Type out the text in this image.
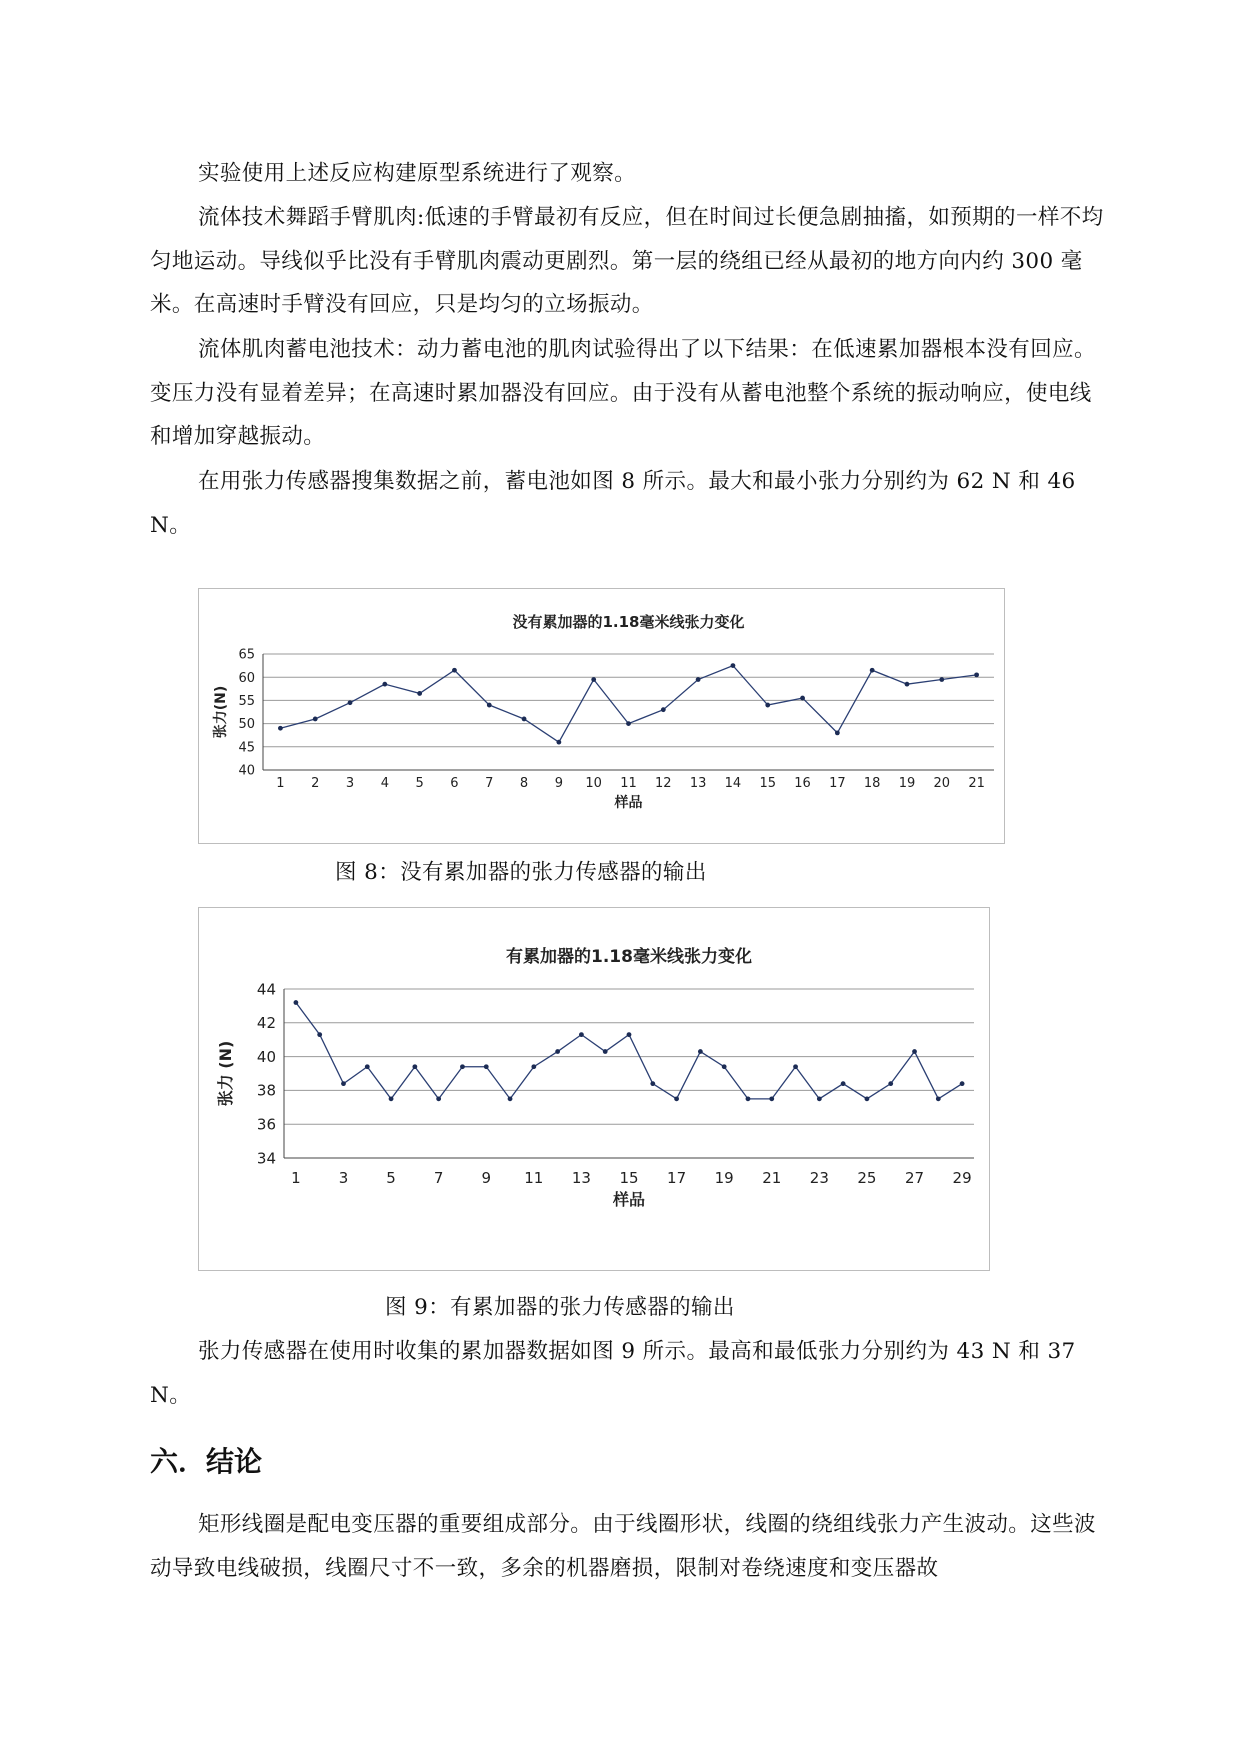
实验使用上述反应构建原型系统进行了观察。

流体技术舞蹈手臂肌肉:低速的手臂最初有反应，但在时间过长便急剧抽搐，如预期的一样不均匀地运动。导线似乎比没有手臂肌肉震动更剧烈。第一层的绕组已经从最初的地方向内约 300 毫米。在高速时手臂没有回应，只是均匀的立场振动。

流体肌肉蓄电池技术：动力蓄电池的肌肉试验得出了以下结果：在低速累加器根本没有回应。变压力没有显着差异；在高速时累加器没有回应。由于没有从蓄电池整个系统的振动响应，使电线和增加穿越振动。

在用张力传感器搜集数据之前，蓄电池如图 8 所示。最大和最小张力分别约为 62 N 和 46 N。

没有累加器的1.18毫米线张力变化
40
45
50
55
60
65
1 2 3 4 5 6 7 8 9 10 11 12 13 14 15 16 17 18 19 20 21
样品
张力(N)

图 8：没有累加器的张力传感器的输出

有累加器的1.18毫米线张力变化
34
36
38
40
42
44
1	3	5	7	9 11 13 15 17 19 21 23 25 27 29
样品
张力 (N)

图 9：有累加器的张力传感器的输出

张力传感器在使用时收集的累加器数据如图 9 所示。最高和最低张力分别约为 43 N 和 37 N。

六．结论

矩形线圈是配电变压器的重要组成部分。由于线圈形状，线圈的绕组线张力产生波动。这些波动导致电线破损，线圈尺寸不一致，多余的机器磨损，限制对卷绕速度和变压器故
